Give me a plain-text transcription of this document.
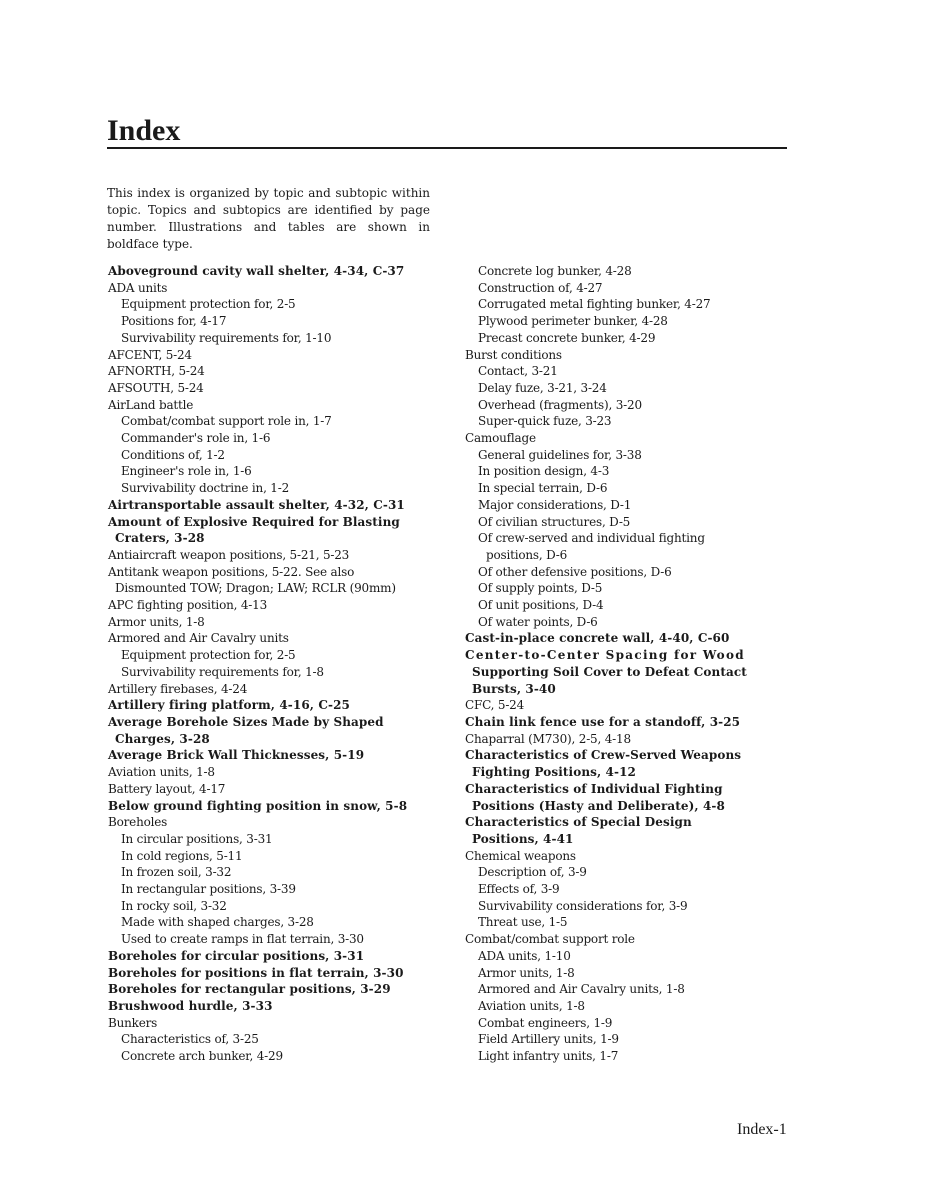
Index

This index is organized by topic and subtopic within topic. Topics and subtopics are identified by page number. Illustrations and tables are shown in boldface type.

Aboveground cavity wall shelter, 4-34, C-37
ADA units
Equipment protection for, 2-5
Positions for, 4-17
Survivability requirements for, 1-10
AFCENT, 5-24
AFNORTH, 5-24
AFSOUTH, 5-24
AirLand battle
Combat/combat support role in, 1-7
Commander's role in, 1-6
Conditions of, 1-2
Engineer's role in, 1-6
Survivability doctrine in, 1-2
Airtransportable assault shelter, 4-32, C-31
Amount of Explosive Required for Blasting
Craters, 3-28
Antiaircraft weapon positions, 5-21, 5-23
Antitank weapon positions, 5-22. See also
Dismounted TOW; Dragon; LAW; RCLR (90mm)
APC fighting position, 4-13
Armor units, 1-8
Armored and Air Cavalry units
Equipment protection for, 2-5
Survivability requirements for, 1-8
Artillery firebases, 4-24
Artillery firing platform, 4-16, C-25
Average Borehole Sizes Made by Shaped
Charges, 3-28
Average Brick Wall Thicknesses, 5-19
Aviation units, 1-8
Battery layout, 4-17
Below ground fighting position in snow, 5-8
Boreholes
In circular positions, 3-31
In cold regions, 5-11
In frozen soil, 3-32
In rectangular positions, 3-39
In rocky soil, 3-32
Made with shaped charges, 3-28
Used to create ramps in flat terrain, 3-30
Boreholes for circular positions, 3-31
Boreholes for positions in flat terrain, 3-30
Boreholes for rectangular positions, 3-29
Brushwood hurdle, 3-33
Bunkers
Characteristics of, 3-25
Concrete arch bunker, 4-29
Concrete log bunker, 4-28
Construction of, 4-27
Corrugated metal fighting bunker, 4-27
Plywood perimeter bunker, 4-28
Precast concrete bunker, 4-29
Burst conditions
Contact, 3-21
Delay fuze, 3-21, 3-24
Overhead (fragments), 3-20
Super-quick fuze, 3-23
Camouflage
General guidelines for, 3-38
In position design, 4-3
In special terrain, D-6
Major considerations, D-1
Of civilian structures, D-5
Of crew-served and individual fighting
positions, D-6
Of other defensive positions, D-6
Of supply points, D-5
Of unit positions, D-4
Of water points, D-6
Cast-in-place concrete wall, 4-40, C-60
Center-to-Center Spacing for Wood
Supporting Soil Cover to Defeat Contact
Bursts, 3-40
CFC, 5-24
Chain link fence use for a standoff, 3-25
Chaparral (M730), 2-5, 4-18
Characteristics of Crew-Served Weapons
Fighting Positions, 4-12
Characteristics of Individual Fighting
Positions (Hasty and Deliberate), 4-8
Characteristics of Special Design
Positions, 4-41
Chemical weapons
Description of, 3-9
Effects of, 3-9
Survivability considerations for, 3-9
Threat use, 1-5
Combat/combat support role
ADA units, 1-10
Armor units, 1-8
Armored and Air Cavalry units, 1-8
Aviation units, 1-8
Combat engineers, 1-9
Field Artillery units, 1-9
Light infantry units, 1-7

Index-1
